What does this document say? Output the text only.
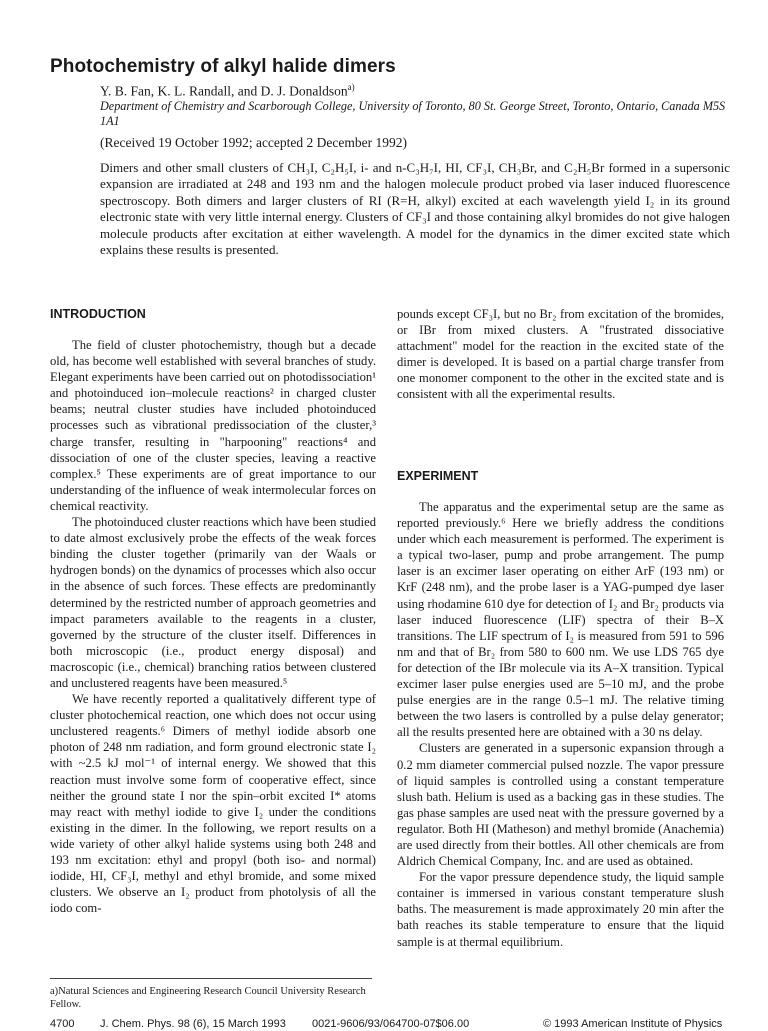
Photochemistry of alkyl halide dimers
Y. B. Fan, K. L. Randall, and D. J. Donaldson$^{a)}$
Department of Chemistry and Scarborough College, University of Toronto, 80 St. George Street, Toronto, Ontario, Canada M5S 1A1
(Received 19 October 1992; accepted 2 December 1992)
Dimers and other small clusters of CH₃I, C₂H₅I, i- and n-C₃H₇I, HI, CF₃I, CH₃Br, and C₂H₅Br formed in a supersonic expansion are irradiated at 248 and 193 nm and the halogen molecule product probed via laser induced fluorescence spectroscopy. Both dimers and larger clusters of RI (R=H, alkyl) excited at each wavelength yield I₂ in its ground electronic state with very little internal energy. Clusters of CF₃I and those containing alkyl bromides do not give halogen molecule products after excitation at either wavelength. A model for the dynamics in the dimer excited state which explains these results is presented.
INTRODUCTION

The field of cluster photochemistry, though but a decade old, has become well established with several branches of study. Elegant experiments have been carried out on photodissociation¹ and photoinduced ion–molecule reactions² in charged cluster beams; neutral cluster studies have included photoinduced processes such as vibrational predissociation of the cluster,³ charge transfer, resulting in "harpooning" reactions⁴ and dissociation of one of the cluster species, leaving a reactive complex.⁵ These experiments are of great importance to our understanding of the influence of weak intermolecular forces on chemical reactivity.

The photoinduced cluster reactions which have been studied to date almost exclusively probe the effects of the weak forces binding the cluster together (primarily van der Waals or hydrogen bonds) on the dynamics of processes which also occur in the absence of such forces. These effects are predominantly determined by the restricted number of approach geometries and impact parameters available to the reagents in a cluster, governed by the structure of the cluster itself. Differences in both microscopic (i.e., product energy disposal) and macroscopic (i.e., chemical) branching ratios between clustered and unclustered reagents have been measured.⁵

We have recently reported a qualitatively different type of cluster photochemical reaction, one which does not occur using unclustered reagents.⁶ Dimers of methyl iodide absorb one photon of 248 nm radiation, and form ground electronic state I₂ with ~2.5 kJ mol⁻¹ of internal energy. We showed that this reaction must involve some form of cooperative effect, since neither the ground state I nor the spin–orbit excited I* atoms may react with methyl iodide to give I₂ under the conditions existing in the dimer. In the following, we report results on a wide variety of other alkyl halide systems using both 248 and 193 nm excitation: ethyl and propyl (both iso- and normal) iodide, HI, CF₃I, methyl and ethyl bromide, and some mixed clusters. We observe an I₂ product from photolysis of all the iodo com-

pounds except CF₃I, but no Br₂ from excitation of the bromides, or IBr from mixed clusters. A "frustrated dissociative attachment" model for the reaction in the excited state of the dimer is developed. It is based on a partial charge transfer from one monomer component to the other in the excited state and is consistent with all the experimental results.

EXPERIMENT

The apparatus and the experimental setup are the same as reported previously.⁶ Here we briefly address the conditions under which each measurement is performed. The experiment is a typical two-laser, pump and probe arrangement. The pump laser is an excimer laser operating on either ArF (193 nm) or KrF (248 nm), and the probe laser is a YAG-pumped dye laser using rhodamine 610 dye for detection of I₂ and Br₂ products via laser induced fluorescence (LIF) spectra of their B–X transitions. The LIF spectrum of I₂ is measured from 591 to 596 nm and that of Br₂ from 580 to 600 nm. We use LDS 765 dye for detection of the IBr molecule via its A–X transition. Typical excimer laser pulse energies used are 5–10 mJ, and the probe pulse energies are in the range 0.5–1 mJ. The relative timing between the two lasers is controlled by a pulse delay generator; all the results presented here are obtained with a 30 ns delay.

Clusters are generated in a supersonic expansion through a 0.2 mm diameter commercial pulsed nozzle. The vapor pressure of liquid samples is controlled using a constant temperature slush bath. Helium is used as a backing gas in these studies. The gas phase samples are used neat with the pressure governed by a regulator. Both HI (Matheson) and methyl bromide (Anachemia) are used directly from their bottles. All other chemicals are from Aldrich Chemical Company, Inc. and are used as obtained.

For the vapor pressure dependence study, the liquid sample container is immersed in various constant temperature slush baths. The measurement is made approximately 20 min after the bath reaches its stable temperature to ensure that the liquid sample is at thermal equilibrium.

a)Natural Sciences and Engineering Research Council University Research Fellow.
4700 J. Chem. Phys. 98 (6), 15 March 1993 0021-9606/93/064700-07$06.00	© 1993 American Institute of Physics
